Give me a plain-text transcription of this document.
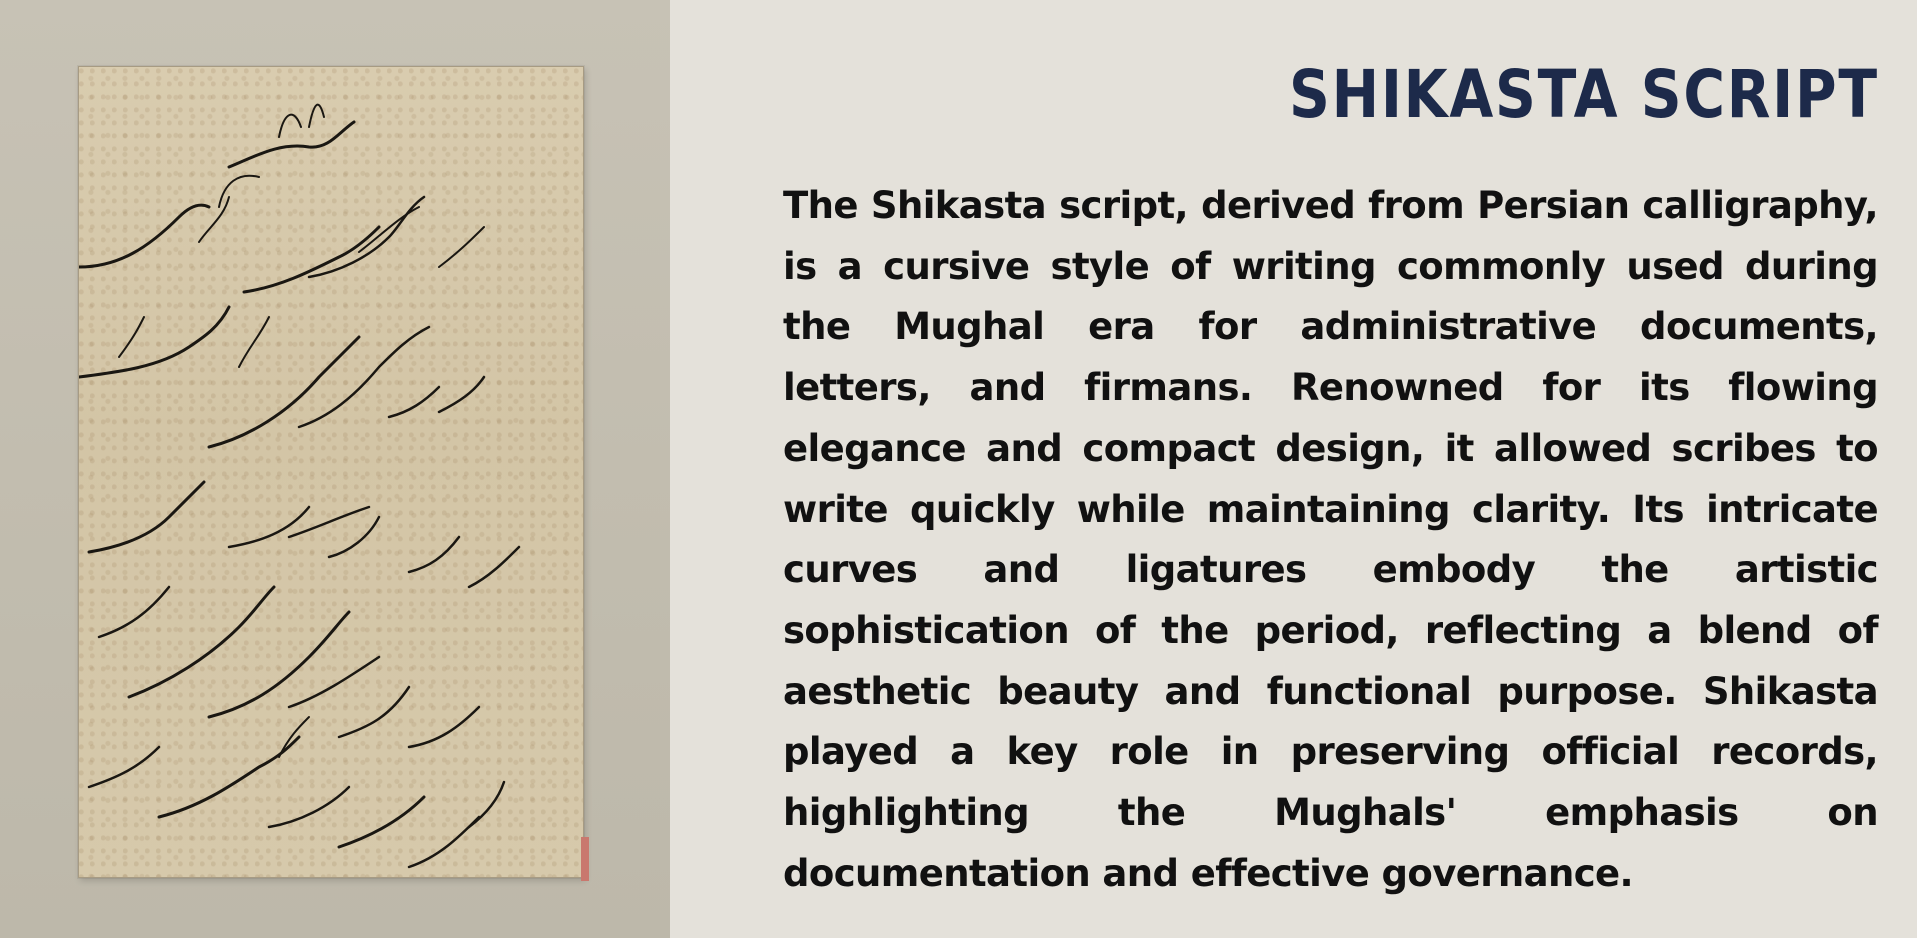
SHIKASTA SCRIPT

The Shikasta script, derived from Persian calligraphy, is a cursive style of writing commonly used during the Mughal era for administrative documents, letters, and firmans. Renowned for its flowing elegance and compact design, it allowed scribes to write quickly while maintaining clarity. Its intricate curves and ligatures embody the artistic sophistication of the period, reflecting a blend of aesthetic beauty and functional purpose. Shikasta played a key role in preserving official records, highlighting the Mughals' emphasis on documentation and effective governance.
